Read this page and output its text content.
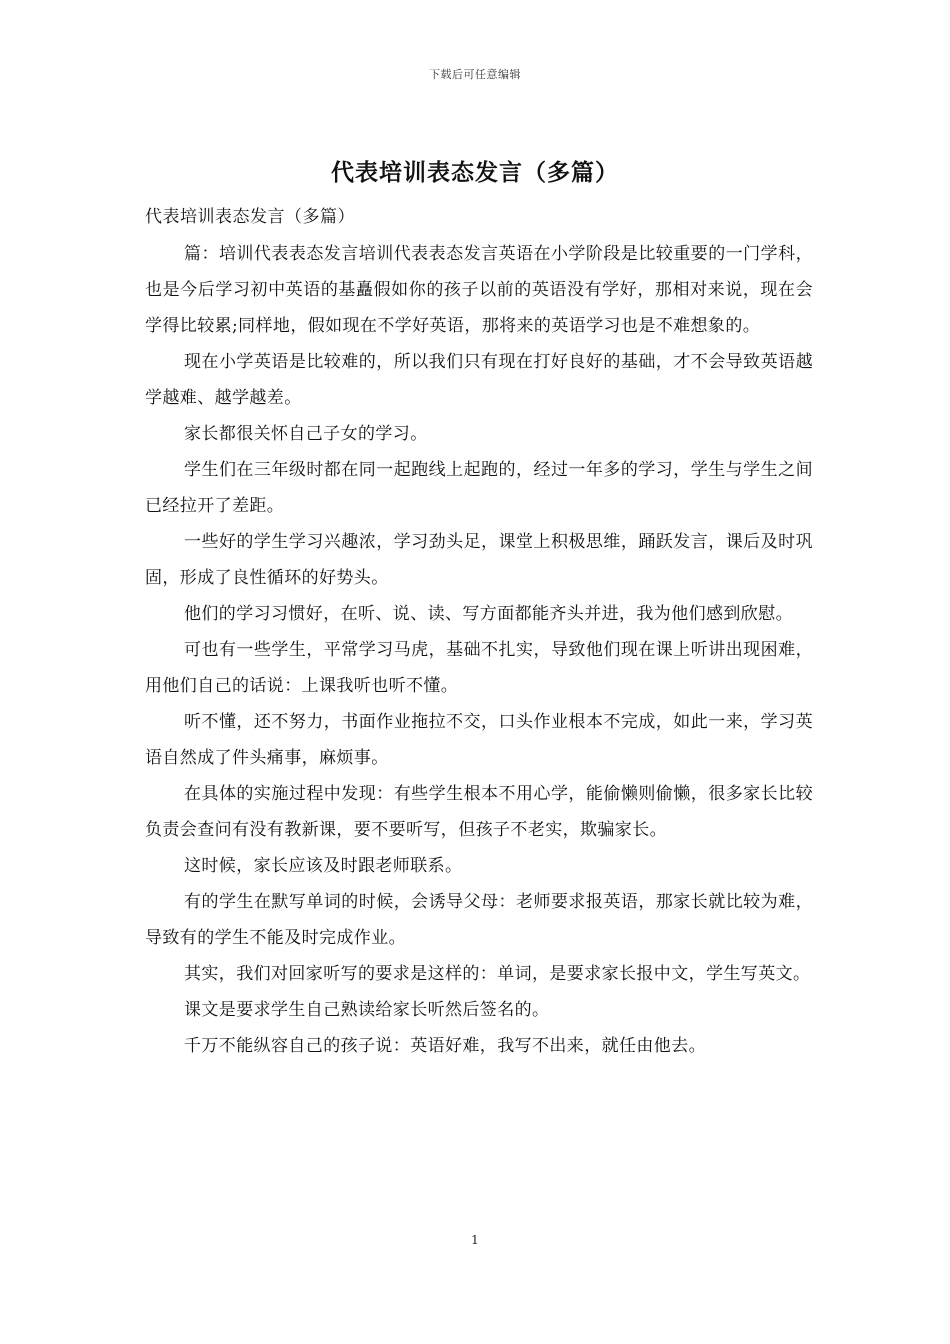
下载后可任意编辑
代表培训表态发言（多篇）
代表培训表态发言（多篇）

篇：培训代表表态发言培训代表表态发言英语在小学阶段是比较重要的一门学科，也是今后学习初中英语的基矗假如你的孩子以前的英语没有学好，那相对来说，现在会学得比较累;同样地，假如现在不学好英语，那将来的英语学习也是不难想象的。

现在小学英语是比较难的，所以我们只有现在打好良好的基础，才不会导致英语越学越难、越学越差。

家长都很关怀自己子女的学习。

学生们在三年级时都在同一起跑线上起跑的，经过一年多的学习，学生与学生之间已经拉开了差距。

一些好的学生学习兴趣浓，学习劲头足，课堂上积极思维，踊跃发言，课后及时巩固，形成了良性循环的好势头。

他们的学习习惯好，在听、说、读、写方面都能齐头并进，我为他们感到欣慰。

可也有一些学生，平常学习马虎，基础不扎实，导致他们现在课上听讲出现困难，用他们自己的话说：上课我听也听不懂。

听不懂，还不努力，书面作业拖拉不交，口头作业根本不完成，如此一来，学习英语自然成了件头痛事，麻烦事。

在具体的实施过程中发现：有些学生根本不用心学，能偷懒则偷懒，很多家长比较负责会查问有没有教新课，要不要听写，但孩子不老实，欺骗家长。

这时候，家长应该及时跟老师联系。

有的学生在默写单词的时候，会诱导父母：老师要求报英语，那家长就比较为难，导致有的学生不能及时完成作业。

其实，我们对回家听写的要求是这样的：单词，是要求家长报中文，学生写英文。

课文是要求学生自己熟读给家长听然后签名的。

千万不能纵容自己的孩子说：英语好难，我写不出来，就任由他去。

1
